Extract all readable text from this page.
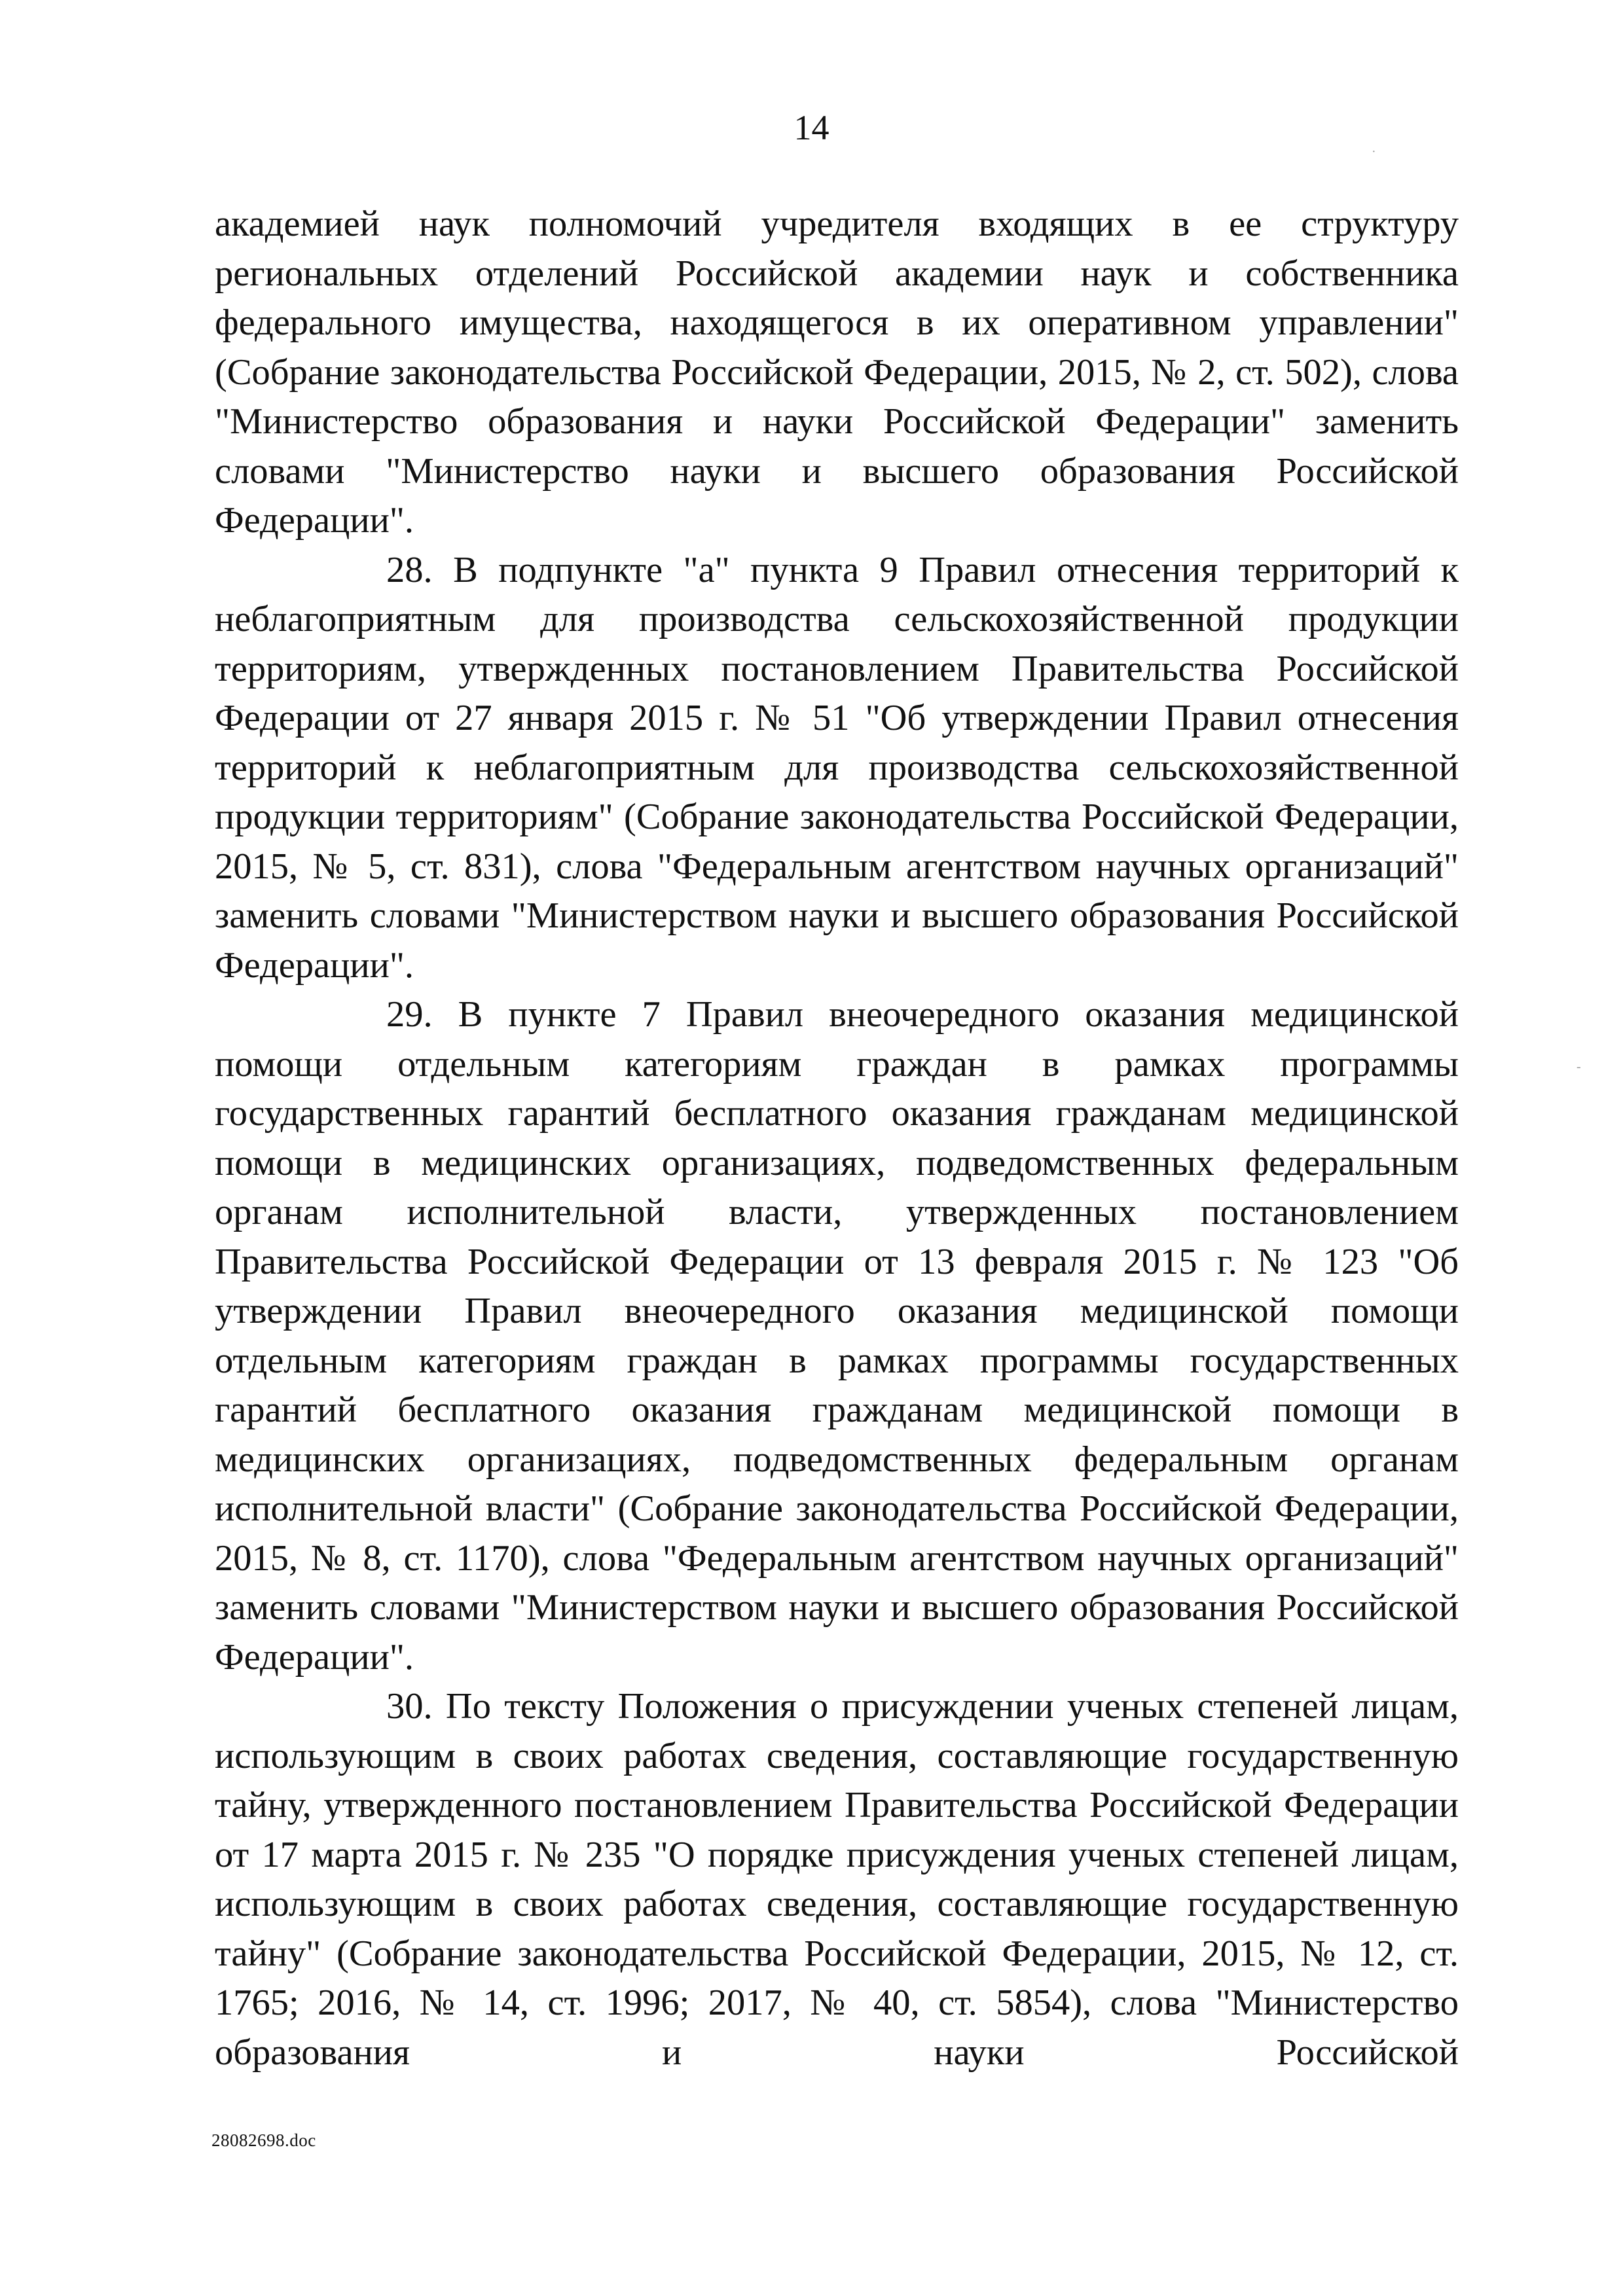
14
·
-

академией наук полномочий учредителя входящих в ее структуру региональных отделений Российской академии наук и собственника федерального имущества, находящегося в их оперативном управлении" (Собрание законодательства Российской Федерации, 2015, № 2, ст. 502), слова "Министерство образования и науки Российской Федерации" заменить словами "Министерство науки и высшего образования Российской Федерации".

28. В подпункте "а" пункта 9 Правил отнесения территорий к неблагоприятным для производства сельскохозяйственной продукции территориям, утвержденных постановлением Правительства Российской Федерации от 27 января 2015 г. № 51 "Об утверждении Правил отнесения территорий к неблагоприятным для производства сельскохозяйственной продукции территориям" (Собрание законодательства Российской Федерации, 2015, № 5, ст. 831), слова "Федеральным агентством научных организаций" заменить словами "Министерством науки и высшего образования Российской Федерации".

29. В пункте 7 Правил внеочередного оказания медицинской помощи отдельным категориям граждан в рамках программы государственных гарантий бесплатного оказания гражданам медицинской помощи в медицинских организациях, подведомственных федеральным органам исполнительной власти, утвержденных постановлением Правительства Российской Федерации от 13 февраля 2015 г. № 123 "Об утверждении Правил внеочередного оказания медицинской помощи отдельным категориям граждан в рамках программы государственных гарантий бесплатного оказания гражданам медицинской помощи в медицинских организациях, подведомственных федеральным органам исполнительной власти" (Собрание законодательства Российской Федерации, 2015, № 8, ст. 1170), слова "Федеральным агентством научных организаций" заменить словами "Министерством науки и высшего образования Российской Федерации".

30. По тексту Положения о присуждении ученых степеней лицам, использующим в своих работах сведения, составляющие государственную тайну, утвержденного постановлением Правительства Российской Федерации от 17 марта 2015 г. № 235 "О порядке присуждения ученых степеней лицам, использующим в своих работах сведения, составляющие государственную тайну" (Собрание законодательства Российской Федерации, 2015, № 12, ст. 1765; 2016, № 14, ст. 1996; 2017, № 40, ст. 5854), слова "Министерство образования и науки Российской

28082698.doc
